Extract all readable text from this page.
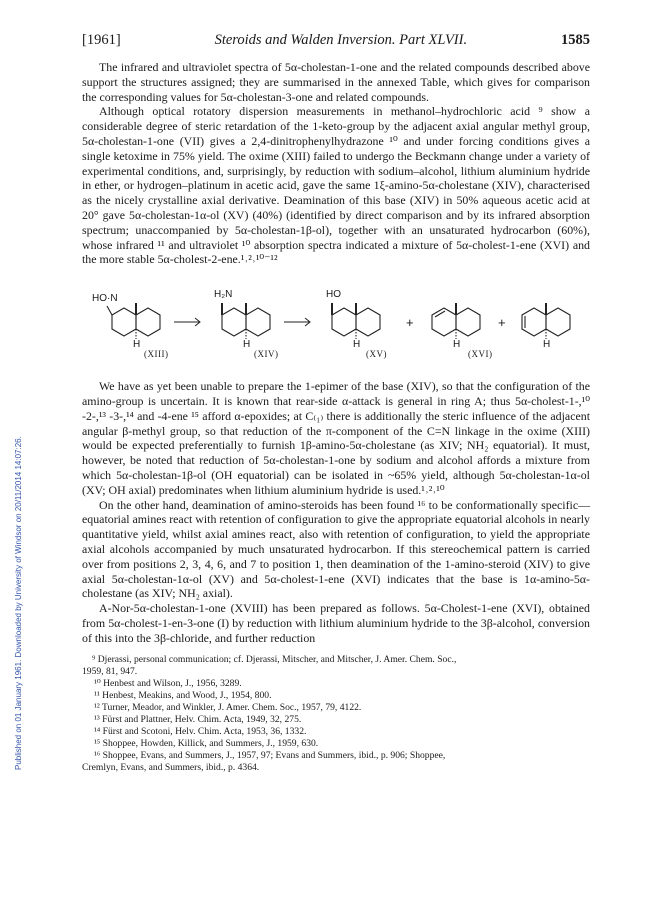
Published on 01 January 1961. Downloaded by University of Windsor on 20/11/2014 14:07:26.
[1961]	Steroids and Walden Inversion. Part XLVII.	1585

The infrared and ultraviolet spectra of 5α-cholestan-1-one and the related compounds described above support the structures assigned; they are summarised in the annexed Table, which gives for comparison the corresponding values for 5α-cholestan-3-one and related compounds.

Although optical rotatory dispersion measurements in methanol–hydrochloric acid ⁹ show a considerable degree of steric retardation of the 1-keto-group by the adjacent axial angular methyl group, 5α-cholestan-1-one (VII) gives a 2,4-dinitrophenylhydrazone ¹⁰ and under forcing conditions gives a single ketoxime in 75% yield. The oxime (XIII) failed to undergo the Beckmann change under a variety of experimental conditions, and, surprisingly, by reduction with sodium–alcohol, lithium aluminium hydride in ether, or hydrogen–platinum in acetic acid, gave the same 1ξ-amino-5α-cholestane (XIV), characterised as the nicely crystalline axial derivative. Deamination of this base (XIV) in 50% aqueous acetic acid at 20° gave 5α-cholestan-1α-ol (XV) (40%) (identified by direct comparison and by its infrared absorption spectrum; unaccompanied by 5α-cholestan-1β-ol), together with an unsaturated hydrocarbon (60%), whose infrared ¹¹ and ultraviolet ¹⁰ absorption spectra indicated a mixture of 5α-cholest-1-ene (XVI) and the more stable 5α-cholest-2-ene.¹˒²˒¹⁰⁻¹²

HO·N	H₂N	HO
H	H	H	H	H
(XIII)	(XIV)	(XV)	(XVI)
+	+

We have as yet been unable to prepare the 1-epimer of the base (XIV), so that the configuration of the amino-group is uncertain. It is known that rear-side α-attack is general in ring A; thus 5α-cholest-1-,¹⁰ -2-,¹³ -3-,¹⁴ and -4-ene ¹⁵ afford α-epoxides; at C₍₁₎ there is additionally the steric influence of the adjacent angular β-methyl group, so that reduction of the π-component of the C=N linkage in the oxime (XIII) would be expected preferentially to furnish 1β-amino-5α-cholestane (as XIV; NH₂ equatorial). It must, however, be noted that reduction of 5α-cholestan-1-one by sodium and alcohol affords a mixture from which 5α-cholestan-1β-ol (OH equatorial) can be isolated in ~65% yield, although 5α-cholestan-1α-ol (XV; OH axial) predominates when lithium aluminium hydride is used.¹˒²˒¹⁰

On the other hand, deamination of amino-steroids has been found ¹⁶ to be conformationally specific—equatorial amines react with retention of configuration to give the appropriate equatorial alcohols in nearly quantitative yield, whilst axial amines react, also with retention of configuration, to yield the appropriate axial alcohols accompanied by much unsaturated hydrocarbon. If this stereochemical pattern is carried over from positions 2, 3, 4, 6, and 7 to position 1, then deamination of the 1-amino-steroid (XIV) to give axial 5α-cholestan-1α-ol (XV) and 5α-cholest-1-ene (XVI) indicates that the base is 1α-amino-5α-cholestane (as XIV; NH₂ axial).

A-Nor-5α-cholestan-1-one (XVIII) has been prepared as follows. 5α-Cholest-1-ene (XVI), obtained from 5α-cholest-1-en-3-one (I) by reduction with lithium aluminium hydride to the 3β-alcohol, conversion of this into the 3β-chloride, and further reduction

⁹ Djerassi, personal communication; cf. Djerassi, Mitscher, and Mitscher, J. Amer. Chem. Soc.,

1959, 81, 947.

¹⁰ Henbest and Wilson, J., 1956, 3289.

¹¹ Henbest, Meakins, and Wood, J., 1954, 800.

¹² Turner, Meador, and Winkler, J. Amer. Chem. Soc., 1957, 79, 4122.

¹³ Fürst and Plattner, Helv. Chim. Acta, 1949, 32, 275.

¹⁴ Fürst and Scotoni, Helv. Chim. Acta, 1953, 36, 1332.

¹⁵ Shoppee, Howden, Killick, and Summers, J., 1959, 630.

¹⁶ Shoppee, Evans, and Summers, J., 1957, 97; Evans and Summers, ibid., p. 906; Shoppee,

Cremlyn, Evans, and Summers, ibid., p. 4364.
